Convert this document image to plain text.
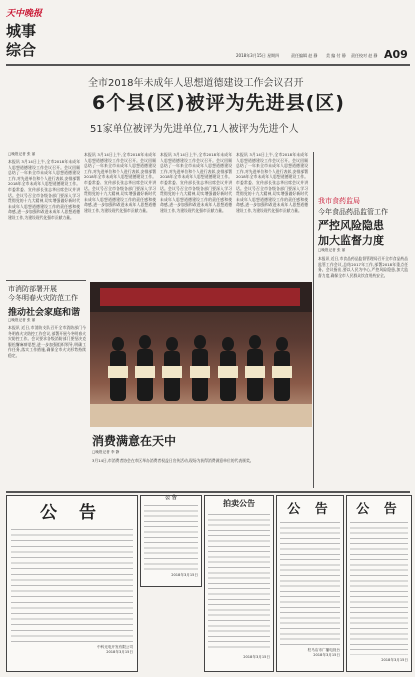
天中晚报
城事
综合	2018年3月15日 星期四	责任编辑 赵 静 美 编 付 静 责任校对 赵 静 A09
全市2018年未成年人思想道德建设工作会议召开
6个县(区)被评为先进县(区)
51家单位被评为先进单位,71人被评为先进个人
□晚报记者 张 丽
本报讯 3月14日上午,全市2018年未成年人思想道德建设工作会议召开。会议回顾总结了一年来全市未成年人思想道德建设工作,对先进单位和个人进行表彰,安排部署2018年全市未成年人思想道德建设工作。市委常委、宣传部长张志华出席会议并讲话。会议号召全市各级各部门要深入学习贯彻党的十九大精神,切实增强做好新时代未成年人思想道德建设工作的责任感和使命感,进一步加强和改进未成年人思想道德建设工作,为建设现代化强市贡献力量。
本报讯 3月14日上午,全市2018年未成年人思想道德建设工作会议召开。会议回顾总结了一年来全市未成年人思想道德建设工作,对先进单位和个人进行表彰,安排部署2018年全市未成年人思想道德建设工作。市委常委、宣传部长张志华出席会议并讲话。会议号召全市各级各部门要深入学习贯彻党的十九大精神,切实增强做好新时代未成年人思想道德建设工作的责任感和使命感,进一步加强和改进未成年人思想道德建设工作,为建设现代化强市贡献力量。
本报讯 3月14日上午,全市2018年未成年人思想道德建设工作会议召开。会议回顾总结了一年来全市未成年人思想道德建设工作,对先进单位和个人进行表彰,安排部署2018年全市未成年人思想道德建设工作。市委常委、宣传部长张志华出席会议并讲话。会议号召全市各级各部门要深入学习贯彻党的十九大精神,切实增强做好新时代未成年人思想道德建设工作的责任感和使命感,进一步加强和改进未成年人思想道德建设工作,为建设现代化强市贡献力量。
本报讯 3月14日上午,全市2018年未成年人思想道德建设工作会议召开。会议回顾总结了一年来全市未成年人思想道德建设工作,对先进单位和个人进行表彰,安排部署2018年全市未成年人思想道德建设工作。市委常委、宣传部长张志华出席会议并讲话。会议号召全市各级各部门要深入学习贯彻党的十九大精神,切实增强做好新时代未成年人思想道德建设工作的责任感和使命感,进一步加强和改进未成年人思想道德建设工作,为建设现代化强市贡献力量。
市消防部署开展
今冬明春火灾防范工作
推动社会家庭和谐
□晚报记者 张 丽
本报讯 近日,市消防支队召开全市消防部门今冬明春火灾防控工作会议,部署开展今冬明春火灾防控工作。会议要求各级消防部门要坚决克服松懈麻痹思想,进一步加强组织领导,明确工作任务,落实工作措施,确保全市火灾形势持续稳定。
消费满意在天中
□晚报记者 李 静
3月14日,市消费者协会在市区举办消费者权益日宣传活动,现场为获得消费满意单位的代表颁奖。
我市食药监局
今年食品药品监管工作
严控风险隐患
加大监督力度
□晚报记者 张 丽
本报讯 近日,市食品药品监督管理局召开全市食品药品监管工作会议,总结2017年工作,部署2018年重点任务。会议指出,要以人民为中心,严控风险隐患,加大监督力度,确保全市人民群众饮食用药安全。
公 告
中科光电开发有限公司
2018年3月15日
公 告
2018年3月15日
拍卖公告
2018年3月15日
公 告
驻马店市广播电视台
2018年3月15日
公 告
2018年3月15日
